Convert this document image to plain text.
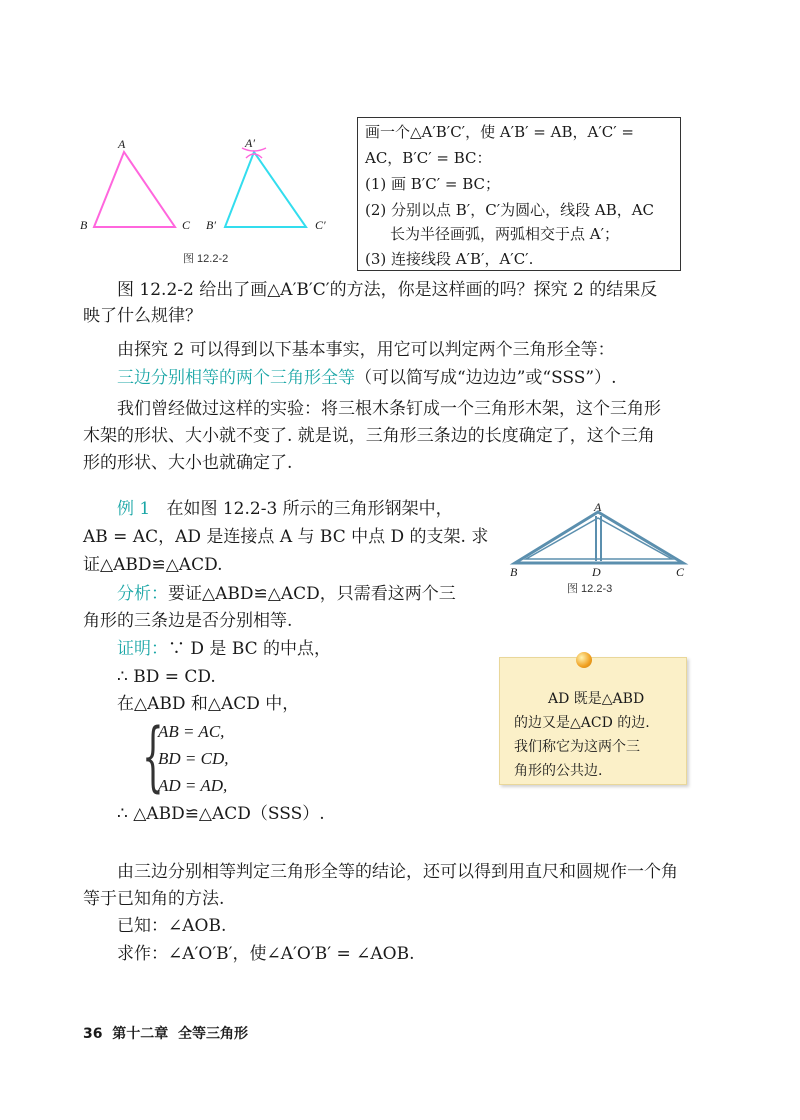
A
B	C
A′
B′	C′
图 12.2-2
画一个△A′B′C′，使 A′B′ = AB，A′C′ =
AC，B′C′ = BC：
(1) 画 B′C′ = BC；
(2) 分别以点 B′，C′为圆心，线段 AB，AC
长为半径画弧，两弧相交于点 A′；
(3) 连接线段 A′B′，A′C′.
图 12.2-2 给出了画△A′B′C′的方法，你是这样画的吗？探究 2 的结果反
映了什么规律？
由探究 2 可以得到以下基本事实，用它可以判定两个三角形全等：
三边分别相等的两个三角形全等（可以简写成“边边边”或“SSS”）.
我们曾经做过这样的实验：将三根木条钉成一个三角形木架，这个三角形
木架的形状、大小就不变了. 就是说，三角形三条边的长度确定了，这个三角
形的形状、大小也就确定了.
例 1 在如图 12.2-3 所示的三角形钢架中，
AB = AC，AD 是连接点 A 与 BC 中点 D 的支架. 求
证△ABD≌△ACD.
A
B	D	C
图 12.2-3
分析：要证△ABD≌△ACD，只需看这两个三
角形的三条边是否分别相等.
证明：∵ D 是 BC 的中点，
∴ BD = CD.
在△ABD 和△ACD 中，
{
AB = AC,
BD = CD,
AD = AD,
∴ △ABD≌△ACD（SSS）.
AD 既是△ABD
的边又是△ACD 的边.
我们称它为这两个三
角形的公共边.
由三边分别相等判定三角形全等的结论，还可以得到用直尺和圆规作一个角
等于已知角的方法.
已知：∠AOB.
求作：∠A′O′B′，使∠A′O′B′ = ∠AOB.
36 第十二章 全等三角形
